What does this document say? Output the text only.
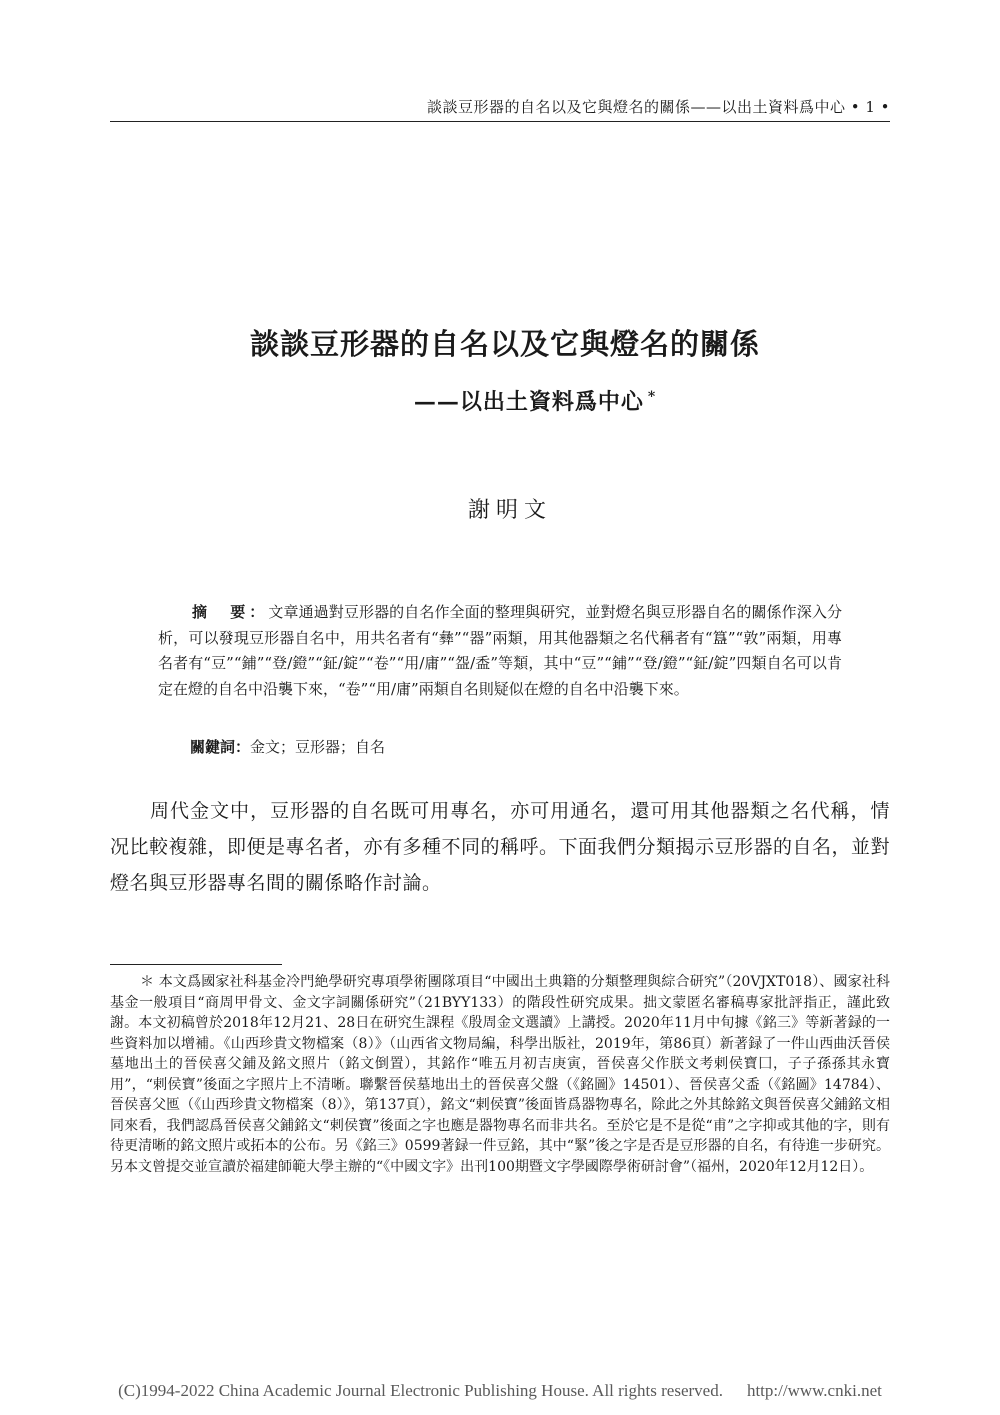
談談豆形器的自名以及它與燈名的關係——以出土資料爲中心 • 1 •
談談豆形器的自名以及它與燈名的關係
——以出土資料爲中心 *
謝明文
摘　要：文章通過對豆形器的自名作全面的整理與研究，並對燈名與豆形器自名的關係作深入分析，可以發現豆形器自名中，用共名者有“彝”“器”兩類，用其他器類之名代稱者有“簋”“敦”兩類，用專名者有“豆”“鋪”“登/鐙”“鉦/錠”“卷”“用/庸”“盌/盉”等類，其中“豆”“鋪”“登/鐙”“鉦/錠”四類自名可以肯定在燈的自名中沿襲下來，“卷”“用/庸”兩類自名則疑似在燈的自名中沿襲下來。
關鍵詞：金文；豆形器；自名
周代金文中，豆形器的自名既可用專名，亦可用通名，還可用其他器類之名代稱，情况比較複雜，即便是專名者，亦有多種不同的稱呼。下面我們分類揭示豆形器的自名，並對燈名與豆形器專名間的關係略作討論。
＊ 本文爲國家社科基金冷門絶學研究專項學術團隊項目“中國出土典籍的分類整理與綜合研究”（20VJXT018）、國家社科基金一般項目“商周甲骨文、金文字詞關係研究”（21BYY133）的階段性研究成果。拙文蒙匿名審稿專家批評指正，謹此致謝。本文初稿曾於2018年12月21、28日在研究生課程《殷周金文選讀》上講授。2020年11月中旬據《銘三》等新著録的一些資料加以增補。《山西珍貴文物檔案（8）》（山西省文物局編，科學出版社，2019年，第86頁）新著録了一件山西曲沃晉侯墓地出土的晉侯喜父鋪及銘文照片（銘文倒置），其銘作“唯五月初吉庚寅，晉侯喜父作朕文考剌侯寶囗，子子孫孫其永寶用”，“剌侯寶”後面之字照片上不清晰。聯繫晉侯墓地出土的晉侯喜父盤（《銘圖》14501）、晉侯喜父盉（《銘圖》14784）、晉侯喜父匜（《山西珍貴文物檔案（8）》，第137頁），銘文“剌侯寶”後面皆爲器物專名，除此之外其餘銘文與晉侯喜父鋪銘文相同來看，我們認爲晉侯喜父鋪銘文“剌侯寶”後面之字也應是器物專名而非共名。至於它是不是從“甫”之字抑或其他的字，則有待更清晰的銘文照片或拓本的公布。另《銘三》0599著録一件豆銘，其中“緊”後之字是否是豆形器的自名，有待進一步研究。另本文曾提交並宣讀於福建師範大學主辦的“《中國文字》出刊100期暨文字學國際學術研討會”（福州，2020年12月12日）。
(C)1994-2022 China Academic Journal Electronic Publishing House. All rights reserved. http://www.cnki.net
